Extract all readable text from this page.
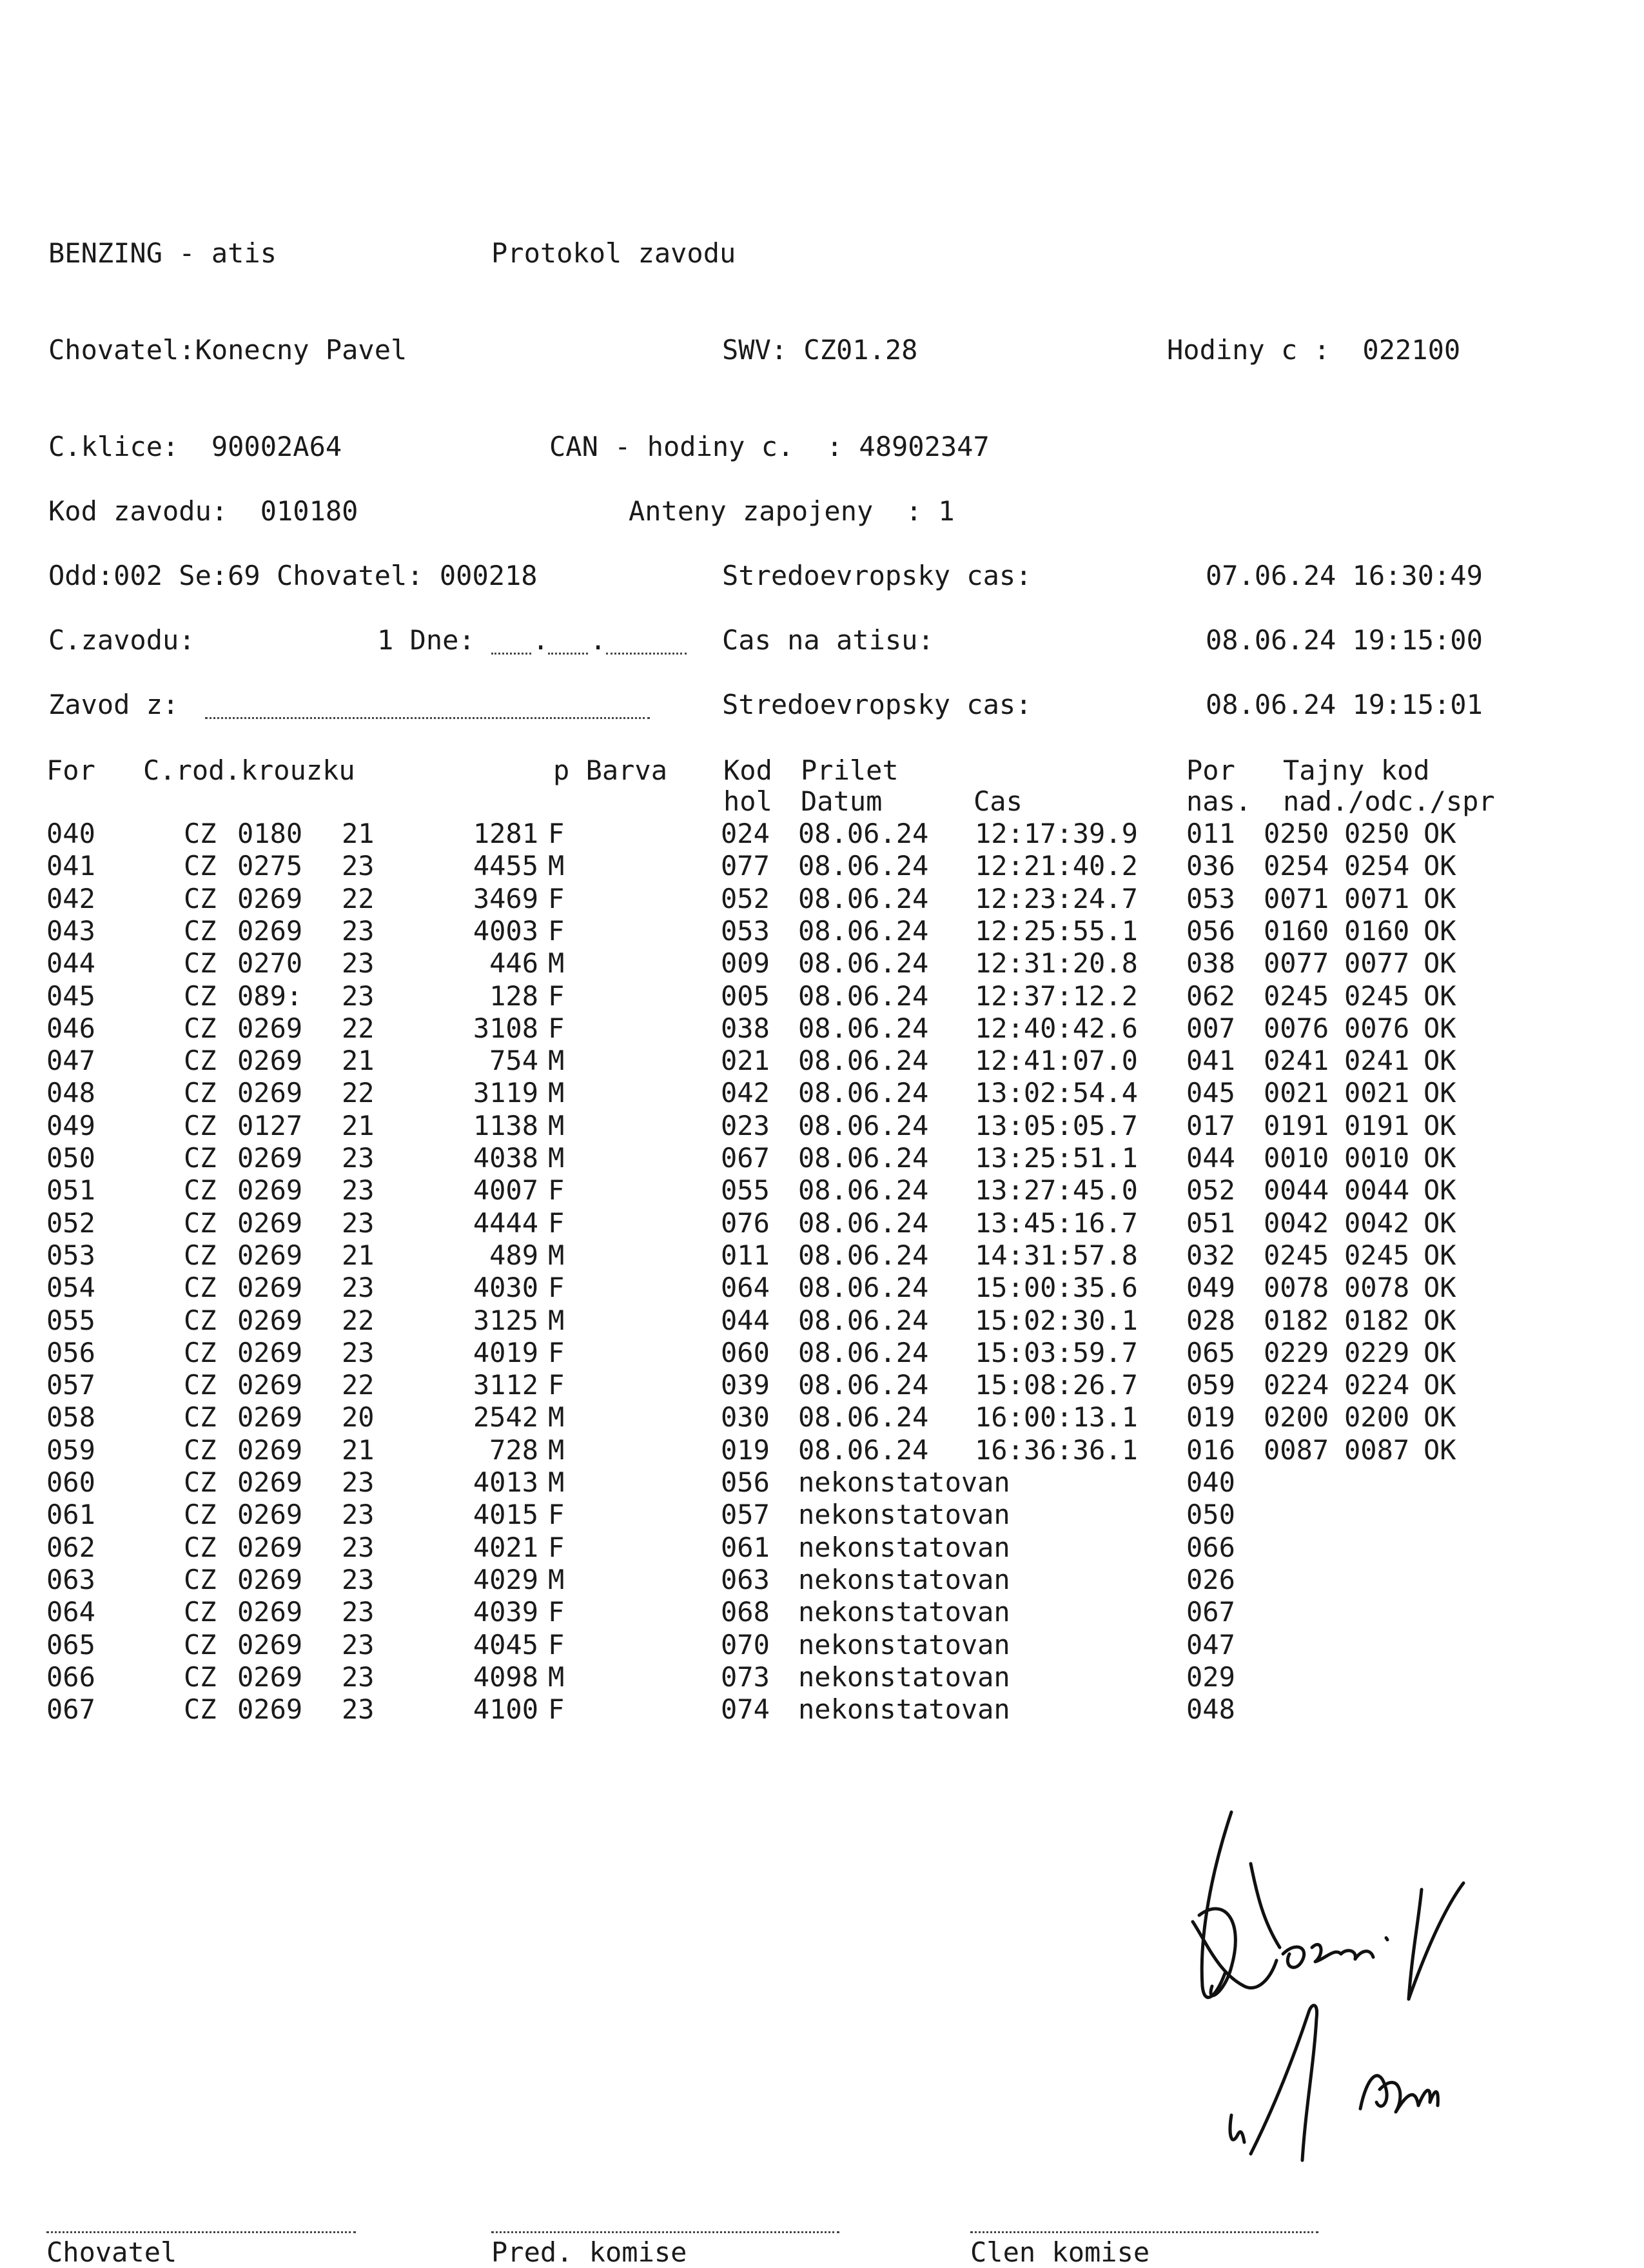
BENZING - atis	Protokol zavodu
Chovatel:Konecny Pavel	SWV: CZ01.28	Hodiny c :  022100
C.klice:  90002A64	CAN - hodiny c.  : 48902347
Kod zavodu:  010180	Anteny zapojeny  : 1
Odd:002 Se:69 Chovatel: 000218	Stredoevropsky cas:	07.06.24 16:30:49
C.zavodu:	1 Dne: . .	Cas na atisu:	08.06.24 19:15:00
Zavod z:	Stredoevropsky cas:	08.06.24 19:15:01
For C.rod.krouzku	p Barva Kod Prilet	Por Tajny kod
hol Datum	Cas	nas. nad./odc./spr
040	CZ 0180 21	1281 F	024 08.06.24 12:17:39.9 011 0250 0250 OK
041	CZ 0275 23	4455 M	077 08.06.24 12:21:40.2 036 0254 0254 OK
042	CZ 0269 22	3469 F	052 08.06.24 12:23:24.7 053 0071 0071 OK
043	CZ 0269 23	4003 F	053 08.06.24 12:25:55.1 056 0160 0160 OK
044	CZ 0270 23	446 M	009 08.06.24 12:31:20.8 038 0077 0077 OK
045	CZ 089: 23	128 F	005 08.06.24 12:37:12.2 062 0245 0245 OK
046	CZ 0269 22	3108 F	038 08.06.24 12:40:42.6 007 0076 0076 OK
047	CZ 0269 21	754 M	021 08.06.24 12:41:07.0 041 0241 0241 OK
048	CZ 0269 22	3119 M	042 08.06.24 13:02:54.4 045 0021 0021 OK
049	CZ 0127 21	1138 M	023 08.06.24 13:05:05.7 017 0191 0191 OK
050	CZ 0269 23	4038 M	067 08.06.24 13:25:51.1 044 0010 0010 OK
051	CZ 0269 23	4007 F	055 08.06.24 13:27:45.0 052 0044 0044 OK
052	CZ 0269 23	4444 F	076 08.06.24 13:45:16.7 051 0042 0042 OK
053	CZ 0269 21	489 M	011 08.06.24 14:31:57.8 032 0245 0245 OK
054	CZ 0269 23	4030 F	064 08.06.24 15:00:35.6 049 0078 0078 OK
055	CZ 0269 22	3125 M	044 08.06.24 15:02:30.1 028 0182 0182 OK
056	CZ 0269 23	4019 F	060 08.06.24 15:03:59.7 065 0229 0229 OK
057	CZ 0269 22	3112 F	039 08.06.24 15:08:26.7 059 0224 0224 OK
058	CZ 0269 20	2542 M	030 08.06.24 16:00:13.1 019 0200 0200 OK
059	CZ 0269 21	728 M	019 08.06.24 16:36:36.1 016 0087 0087 OK
060	CZ 0269 23	4013 M	056 nekonstatovan	040
061	CZ 0269 23	4015 F	057 nekonstatovan	050
062	CZ 0269 23	4021 F	061 nekonstatovan	066
063	CZ 0269 23	4029 M	063 nekonstatovan	026
064	CZ 0269 23	4039 F	068 nekonstatovan	067
065	CZ 0269 23	4045 F	070 nekonstatovan	047
066	CZ 0269 23	4098 M	073 nekonstatovan	029
067	CZ 0269 23	4100 F	074 nekonstatovan	048
Chovatel	Pred. komise	Clen komise
